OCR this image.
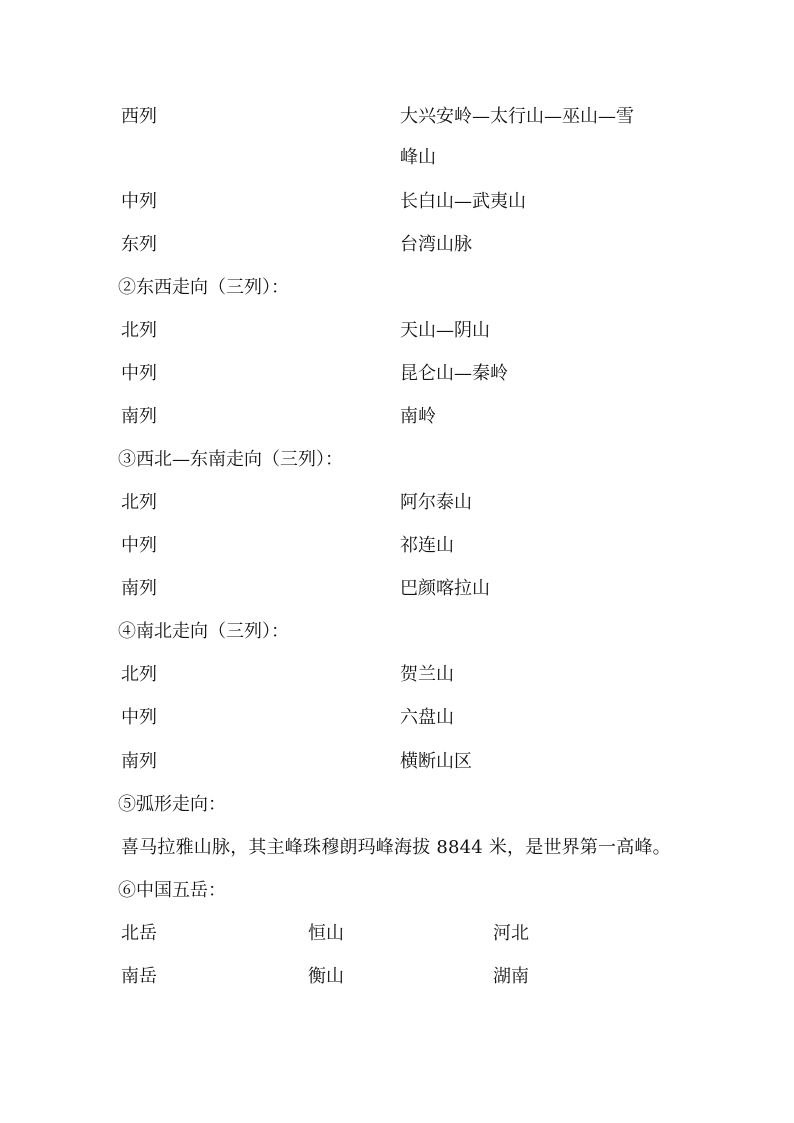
西列	大兴安岭—太行山—巫山—雪
峰山
中列	长白山—武夷山
东列	台湾山脉
②东西走向（三列）：
北列	天山—阴山
中列	昆仑山—秦岭
南列	南岭
③西北—东南走向（三列）：
北列	阿尔泰山
中列	祁连山
南列	巴颜喀拉山
④南北走向（三列）：
北列	贺兰山
中列	六盘山
南列	横断山区
⑤弧形走向：
喜马拉雅山脉，其主峰珠穆朗玛峰海拔 8844 米，是世界第一高峰。
⑥中国五岳：
北岳	恒山	河北
南岳	衡山	湖南
